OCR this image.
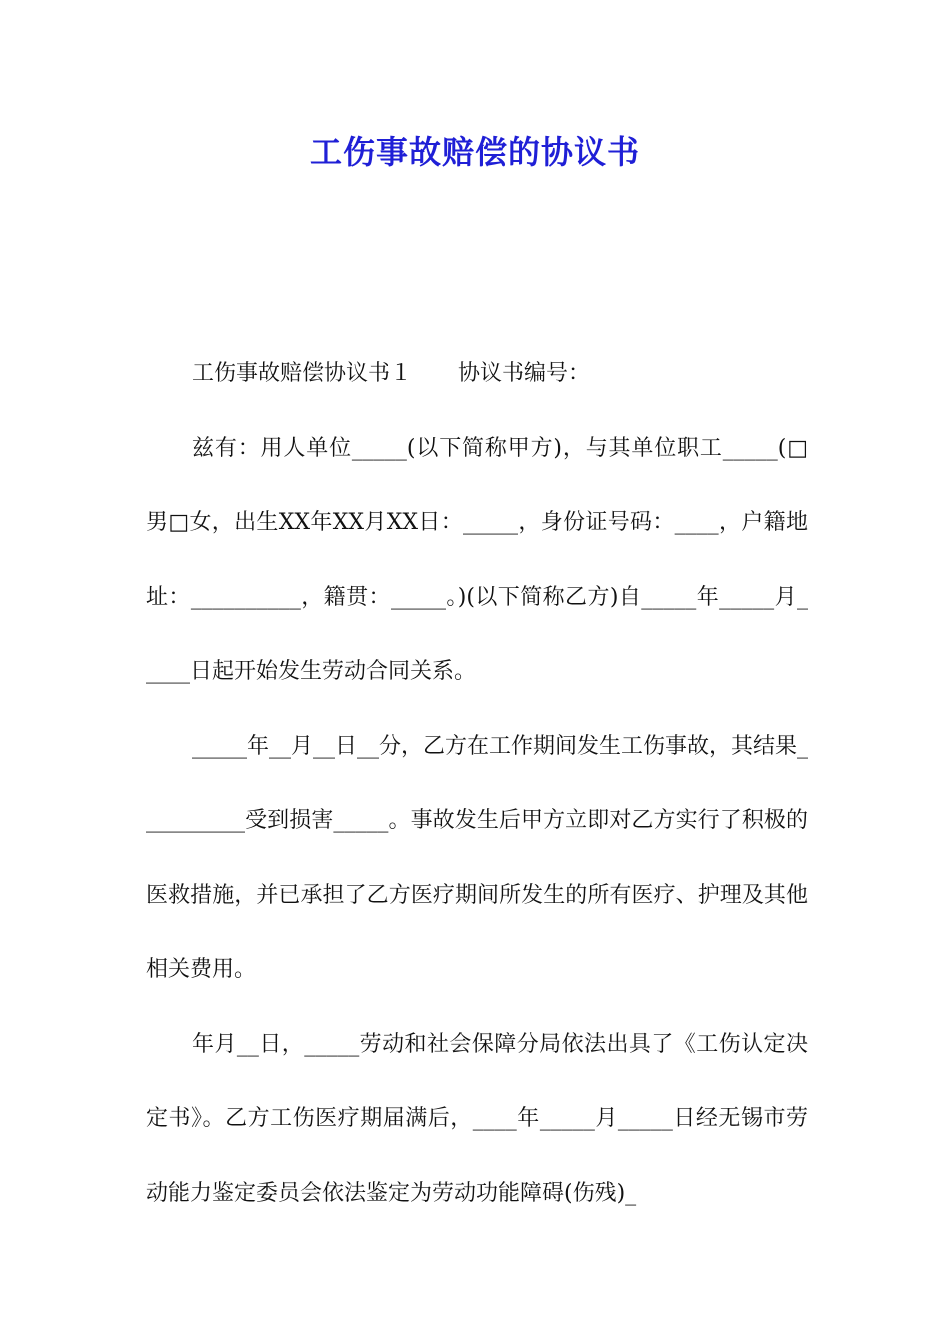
工伤事故赔偿的协议书

工伤事故赔偿协议书１ 协议书编号：

兹有：用人单位_____(以下简称甲方)，与其单位职工_____(□男□女，出生XX年XX月XX日：_____，身份证号码：____，户籍地址：__________，籍贯：_____。)(以下简称乙方)自_____年_____月_____日起开始发生劳动合同关系。

_____年__月__日__分，乙方在工作期间发生工伤事故，其结果__________受到损害_____。事故发生后甲方立即对乙方实行了积极的医救措施，并已承担了乙方医疗期间所发生的所有医疗、护理及其他相关费用。

年月__日，_____劳动和社会保障分局依法出具了《工伤认定决定书》。乙方工伤医疗期届满后，____年_____月_____日经无锡市劳动能力鉴定委员会依法鉴定为劳动功能障碍(伤残)_
